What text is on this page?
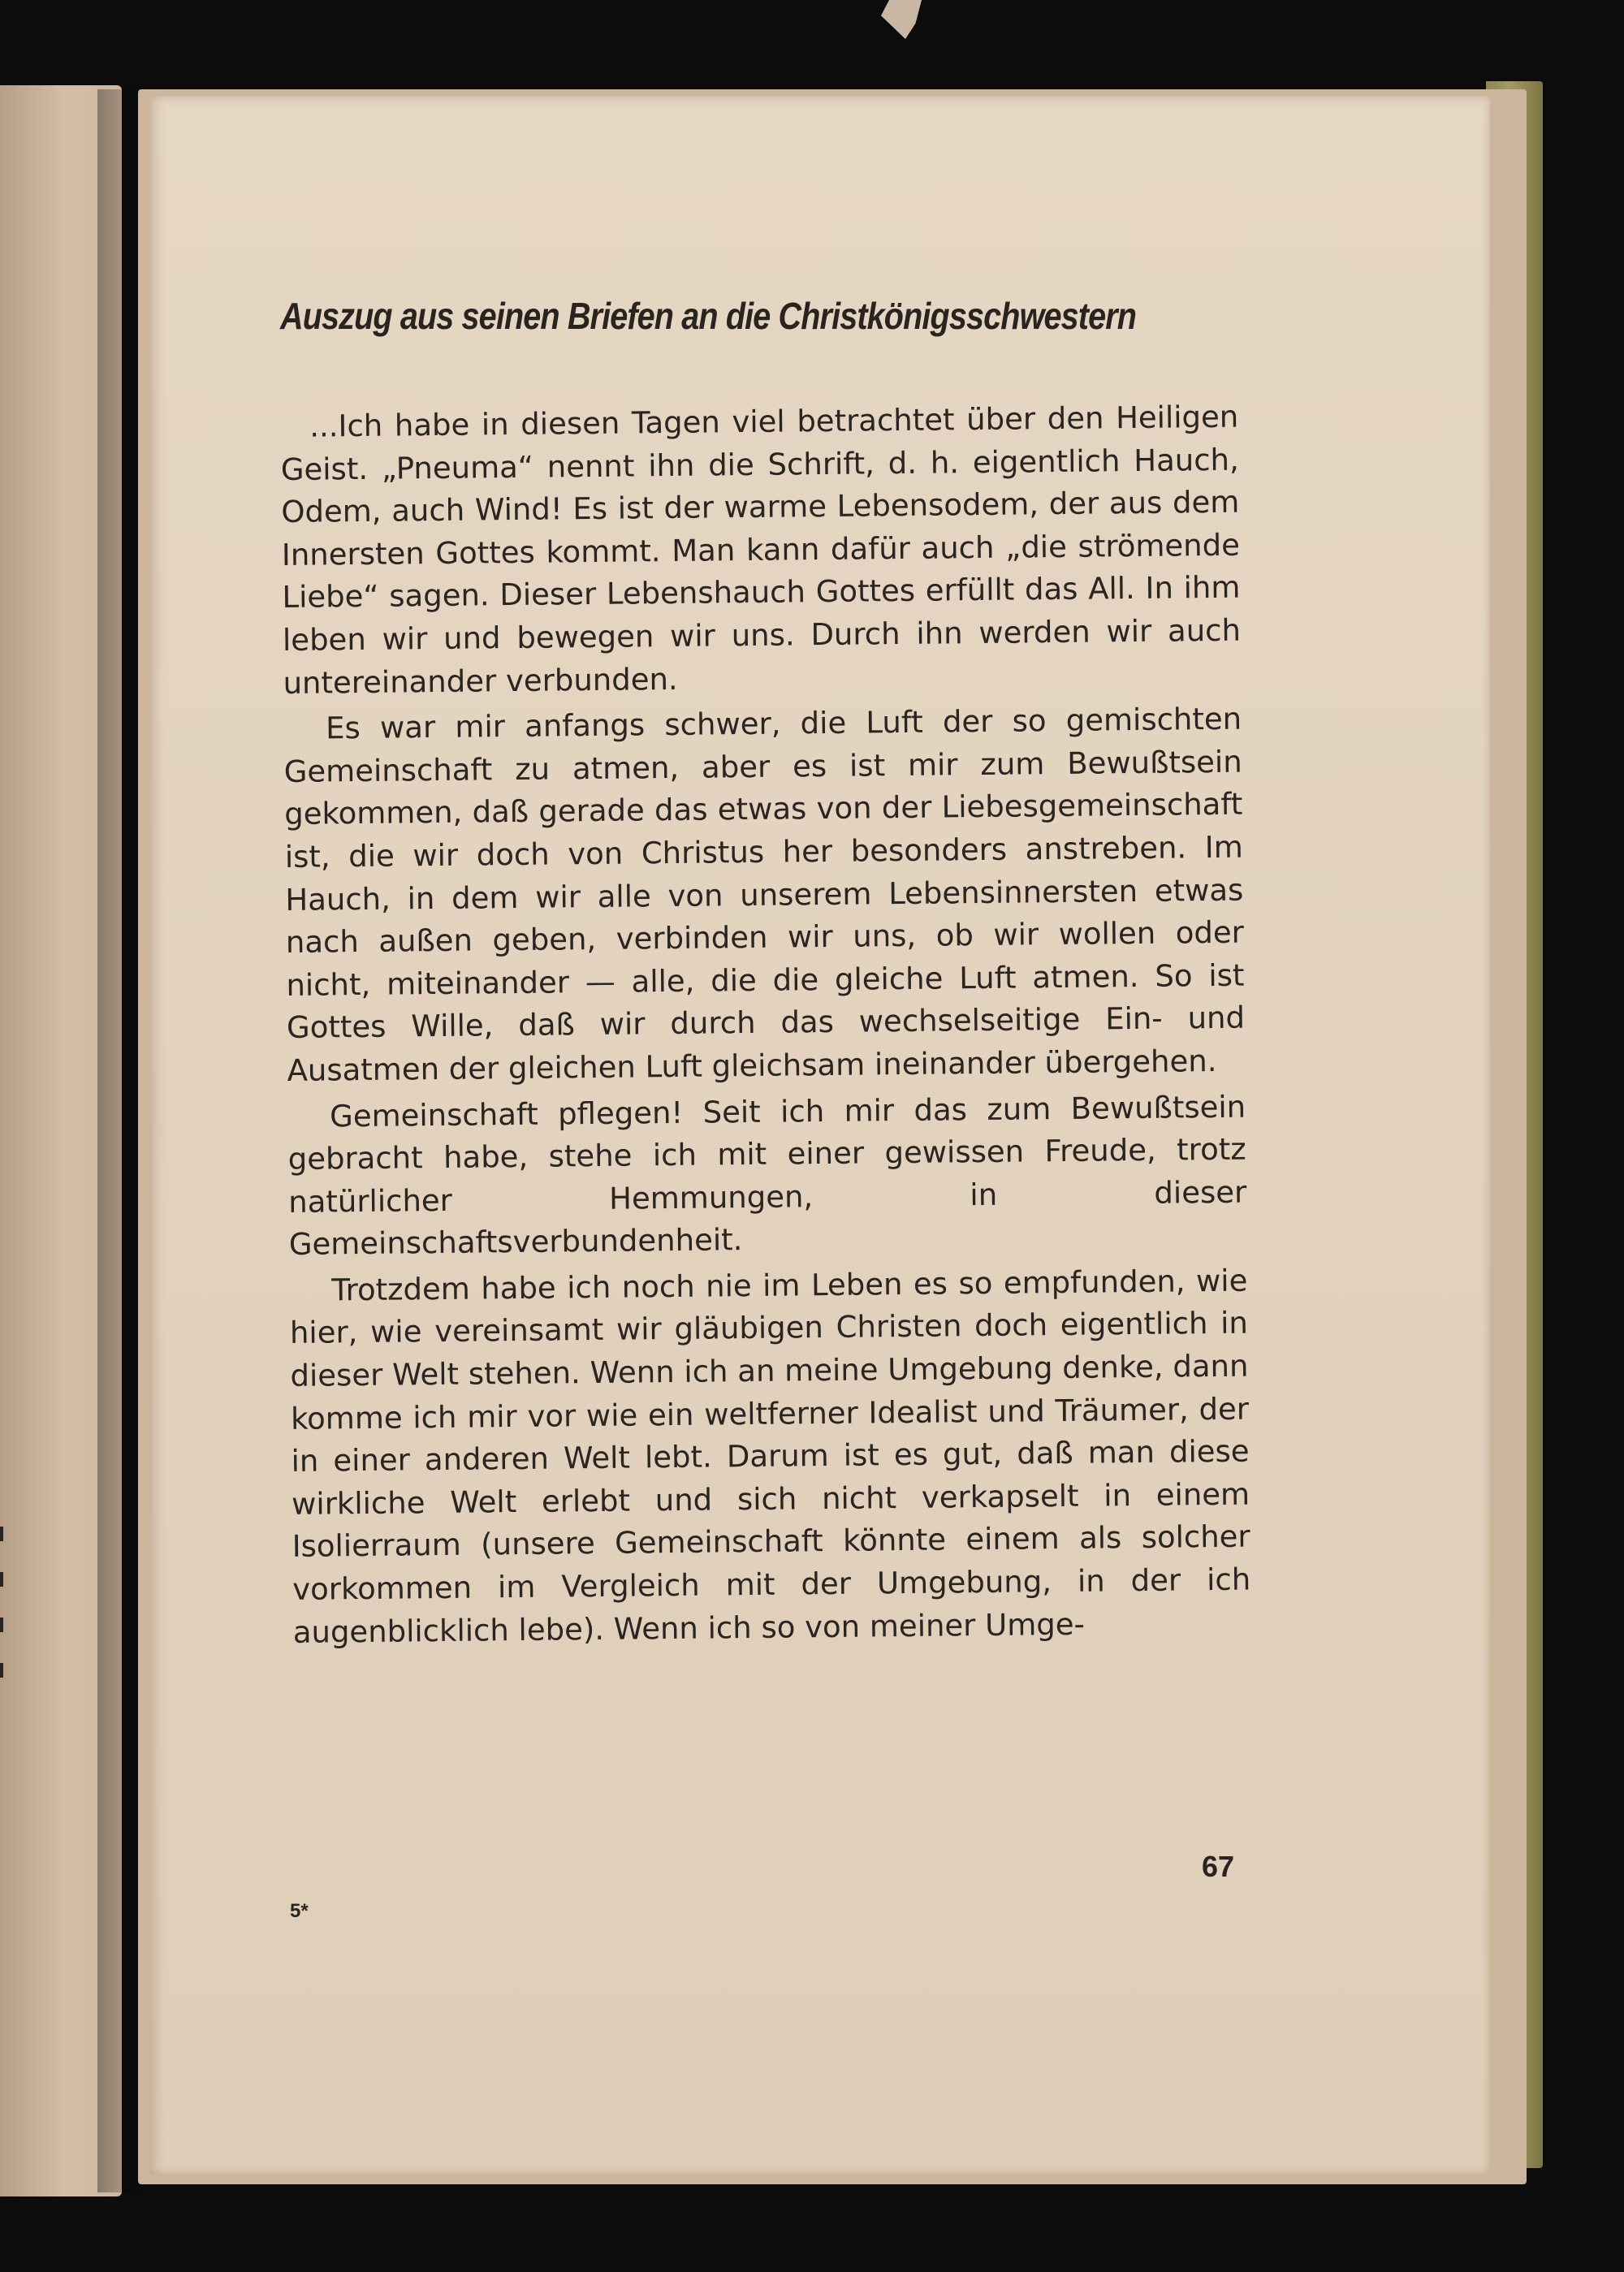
Auszug aus seinen Briefen an die Christkönigsschwestern

...Ich habe in diesen Tagen viel betrachtet über den Heiligen Geist. „Pneuma“ nennt ihn die Schrift, d. h. eigentlich Hauch, Odem, auch Wind! Es ist der warme Lebensodem, der aus dem Innersten Gottes kommt. Man kann dafür auch „die strömende Liebe“ sagen. Dieser Lebenshauch Gottes erfüllt das All. In ihm leben wir und bewegen wir uns. Durch ihn werden wir auch untereinander verbunden.

Es war mir anfangs schwer, die Luft der so gemischten Gemeinschaft zu atmen, aber es ist mir zum Bewußtsein gekommen, daß gerade das etwas von der Liebesgemeinschaft ist, die wir doch von Christus her besonders anstreben. Im Hauch, in dem wir alle von unserem Lebensinnersten etwas nach außen geben, verbinden wir uns, ob wir wollen oder nicht, miteinander — alle, die die gleiche Luft atmen. So ist Gottes Wille, daß wir durch das wechselseitige Ein- und Ausatmen der gleichen Luft gleichsam ineinander übergehen.

Gemeinschaft pflegen! Seit ich mir das zum Bewußtsein gebracht habe, stehe ich mit einer gewissen Freude, trotz natürlicher Hemmungen, in dieser Gemeinschaftsverbundenheit.

Trotzdem habe ich noch nie im Leben es so empfunden, wie hier, wie vereinsamt wir gläubigen Christen doch eigentlich in dieser Welt stehen. Wenn ich an meine Umgebung denke, dann komme ich mir vor wie ein weltferner Idealist und Träumer, der in einer anderen Welt lebt. Darum ist es gut, daß man diese wirkliche Welt erlebt und sich nicht verkapselt in einem Isolierraum (unsere Gemeinschaft könnte einem als solcher vorkommen im Vergleich mit der Umgebung, in der ich augenblicklich lebe). Wenn ich so von meiner Umge-

67
5*
